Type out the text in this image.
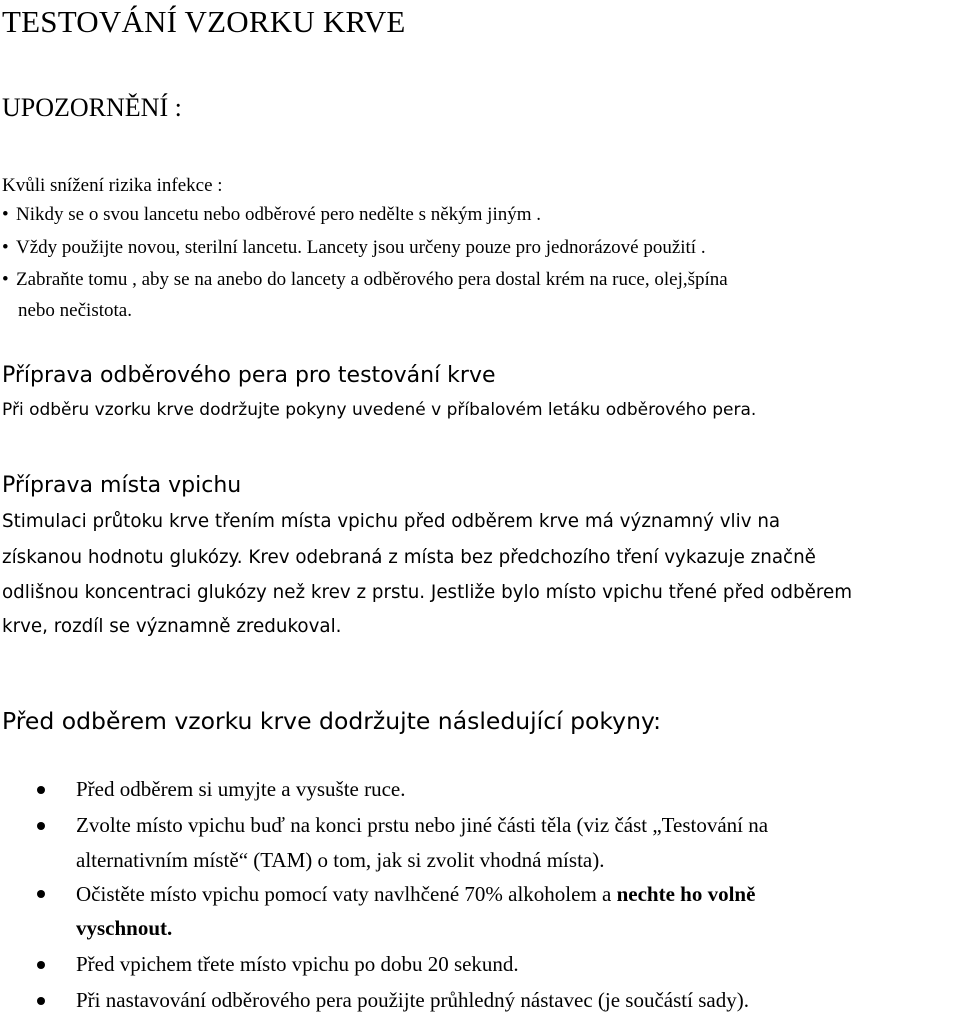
TESTOVÁNÍ VZORKU KRVE
UPOZORNĚNÍ :
Kvůli snížení rizika infekce :
• Nikdy se o svou lancetu nebo odběrové pero nedělte s někým jiným .
• Vždy použijte novou, sterilní lancetu. Lancety jsou určeny pouze pro jednorázové použití .
• Zabraňte tomu , aby se na anebo do lancety a odběrového pera dostal krém na ruce, olej,špína
nebo nečistota.
Příprava odběrového pera pro testování krve
Při odběru vzorku krve dodržujte pokyny uvedené v příbalovém letáku odběrového pera.
Příprava místa vpichu
Stimulaci průtoku krve třením místa vpichu před odběrem krve má významný vliv na
získanou hodnotu glukózy. Krev odebraná z místa bez předchozího tření vykazuje značně
odlišnou koncentraci glukózy než krev z prstu. Jestliže bylo místo vpichu třené před odběrem
krve, rozdíl se významně zredukoval.
Před odběrem vzorku krve dodržujte následující pokyny:
Před odběrem si umyjte a vysušte ruce.
Zvolte místo vpichu buď na konci prstu nebo jiné části těla (viz část „Testování na
alternativním místě“ (TAM) o tom, jak si zvolit vhodná místa).
Očistěte místo vpichu pomocí vaty navlhčené 70% alkoholem a nechte ho volně
vyschnout.
Před vpichem třete místo vpichu po dobu 20 sekund.
Při nastavování odběrového pera použijte průhledný nástavec (je součástí sady).
